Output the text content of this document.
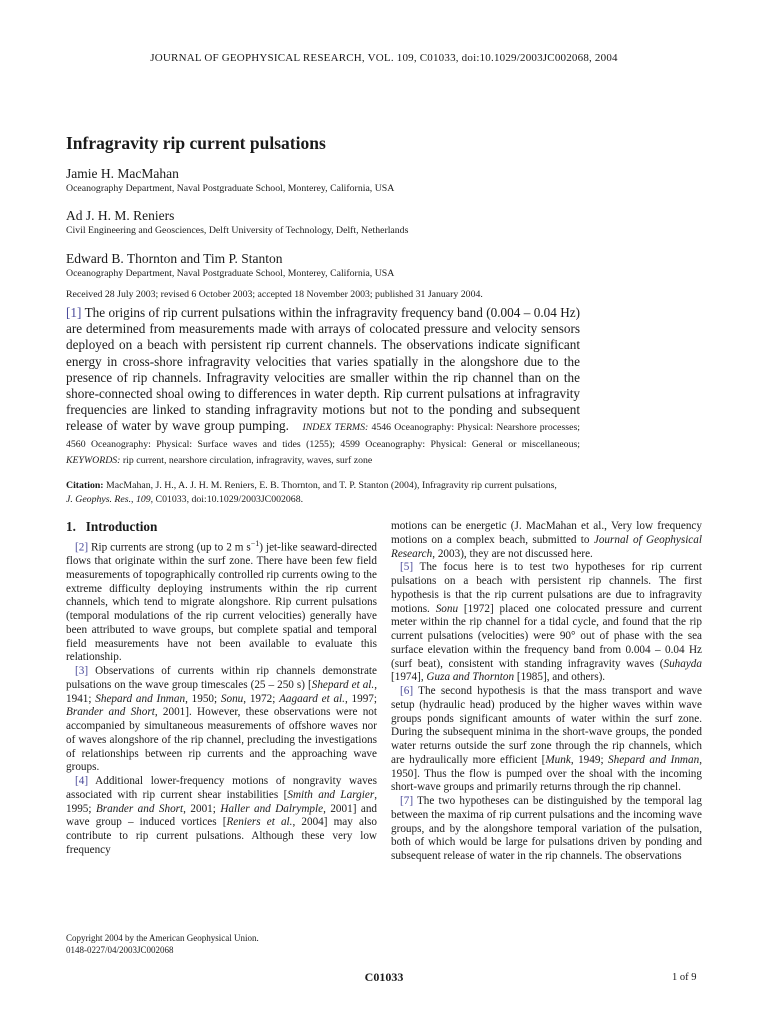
JOURNAL OF GEOPHYSICAL RESEARCH, VOL. 109, C01033, doi:10.1029/2003JC002068, 2004
Infragravity rip current pulsations
Jamie H. MacMahan
Oceanography Department, Naval Postgraduate School, Monterey, California, USA
Ad J. H. M. Reniers
Civil Engineering and Geosciences, Delft University of Technology, Delft, Netherlands
Edward B. Thornton and Tim P. Stanton
Oceanography Department, Naval Postgraduate School, Monterey, California, USA
Received 28 July 2003; revised 6 October 2003; accepted 18 November 2003; published 31 January 2004.
[1] The origins of rip current pulsations within the infragravity frequency band (0.004 – 0.04 Hz) are determined from measurements made with arrays of colocated pressure and velocity sensors deployed on a beach with persistent rip current channels. The observations indicate significant energy in cross-shore infragravity velocities that varies spatially in the alongshore due to the presence of rip channels. Infragravity velocities are smaller within the rip channel than on the shore-connected shoal owing to differences in water depth. Rip current pulsations at infragravity frequencies are linked to standing infragravity motions but not to the ponding and subsequent release of water by wave group pumping. INDEX TERMS: 4546 Oceanography: Physical: Nearshore processes; 4560 Oceanography: Physical: Surface waves and tides (1255); 4599 Oceanography: Physical: General or miscellaneous; KEYWORDS: rip current, nearshore circulation, infragravity, waves, surf zone
Citation: MacMahan, J. H., A. J. H. M. Reniers, E. B. Thornton, and T. P. Stanton (2004), Infragravity rip current pulsations,
J. Geophys. Res., 109, C01033, doi:10.1029/2003JC002068.
1. Introduction

[2] Rip currents are strong (up to 2 m $s^{-1}$) jet-like seaward-directed flows that originate within the surf zone. There have been few field measurements of topographically controlled rip currents owing to the extreme difficulty deploying instruments within the rip current channels, which tend to migrate alongshore. Rip current pulsations (temporal modulations of the rip current velocities) generally have been attributed to wave groups, but complete spatial and temporal field measurements have not been available to evaluate this relationship.

[3] Observations of currents within rip channels demonstrate pulsations on the wave group timescales (25 – 250 s) [Shepard et al., 1941; Shepard and Inman, 1950; Sonu, 1972; Aagaard et al., 1997; Brander and Short, 2001]. However, these observations were not accompanied by simultaneous measurements of offshore waves nor of waves alongshore of the rip channel, precluding the investigations of relationships between rip currents and the approaching wave groups.

[4] Additional lower-frequency motions of nongravity waves associated with rip current shear instabilities [Smith and Largier, 1995; Brander and Short, 2001; Haller and Dalrymple, 2001] and wave group – induced vortices [Reniers et al., 2004] may also contribute to rip current pulsations. Although these very low frequency

motions can be energetic (J. MacMahan et al., Very low frequency motions on a complex beach, submitted to Journal of Geophysical Research, 2003), they are not discussed here.

[5] The focus here is to test two hypotheses for rip current pulsations on a beach with persistent rip channels. The first hypothesis is that the rip current pulsations are due to infragravity motions. Sonu [1972] placed one colocated pressure and current meter within the rip channel for a tidal cycle, and found that the rip current pulsations (velocities) were 90° out of phase with the sea surface elevation within the frequency band from 0.004 – 0.04 Hz (surf beat), consistent with standing infragravity waves (Suhayda [1974], Guza and Thornton [1985], and others).

[6] The second hypothesis is that the mass transport and wave setup (hydraulic head) produced by the higher waves within wave groups ponds significant amounts of water within the surf zone. During the subsequent minima in the short-wave groups, the ponded water returns outside the surf zone through the rip channels, which are hydraulically more efficient [Munk, 1949; Shepard and Inman, 1950]. Thus the flow is pumped over the shoal with the incoming short-wave groups and primarily returns through the rip channel.

[7] The two hypotheses can be distinguished by the temporal lag between the maxima of rip current pulsations and the incoming wave groups, and by the alongshore temporal variation of the pulsation, both of which would be large for pulsations driven by ponding and subsequent release of water in the rip channels. The observations

Copyright 2004 by the American Geophysical Union.
0148-0227/04/2003JC002068
C01033	1 of 9
